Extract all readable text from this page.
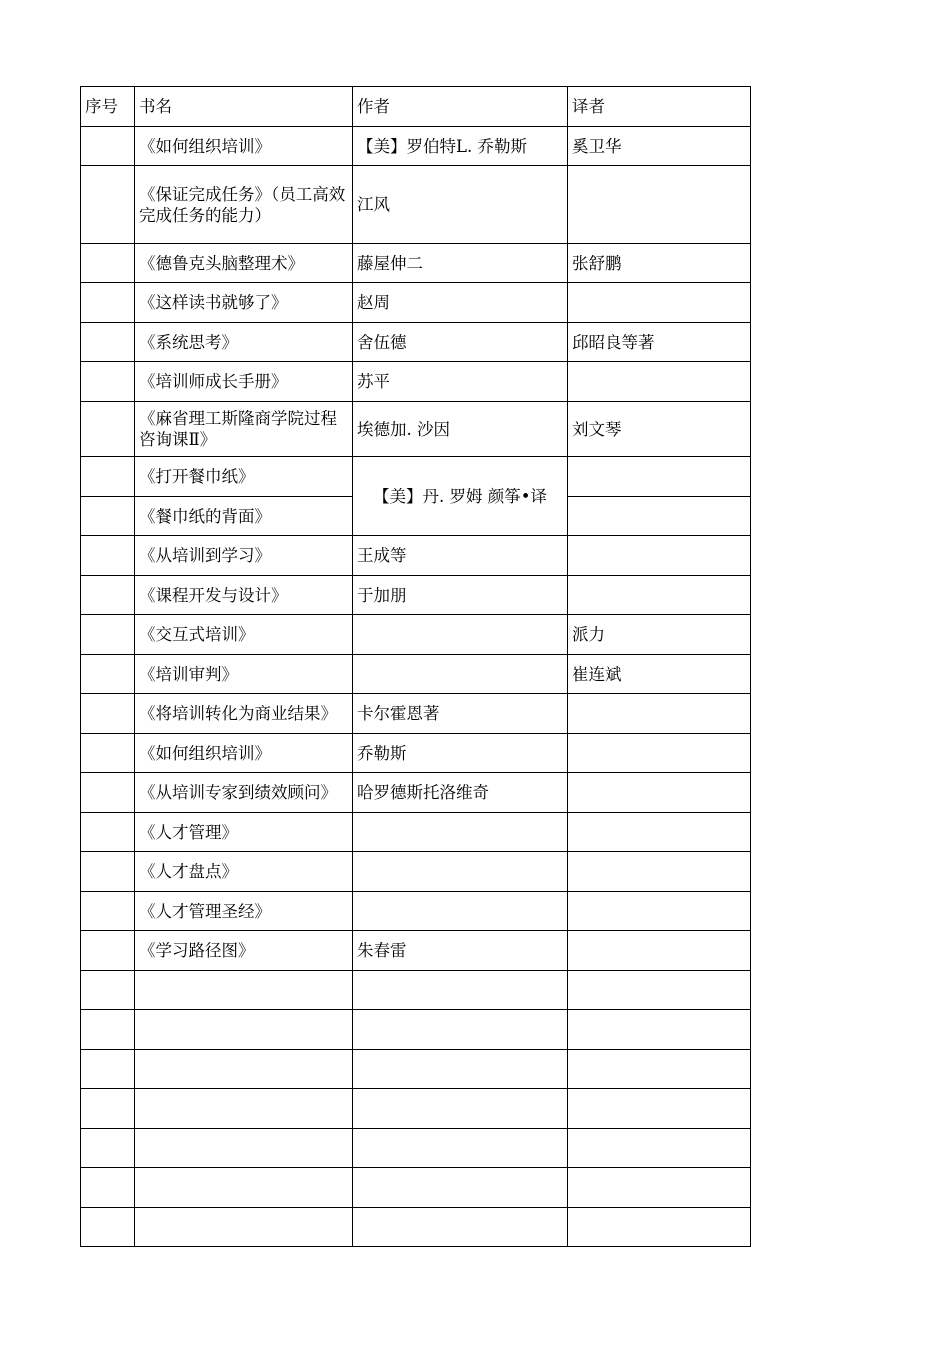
序号	书名	作者	译者
	《如何组织培训》	【美】罗伯特L. 乔勒斯	奚卫华
	《保证完成任务》（员工高效完成任务的能力）	江风	
	《德鲁克头脑整理术》	藤屋伸二	张舒鹏
	《这样读书就够了》	赵周	
	《系统思考》	舍伍德	邱昭良等著
	《培训师成长手册》	苏平	
	《麻省理工斯隆商学院过程咨询课Ⅱ》	埃德加. 沙因	刘文琴
	《打开餐巾纸》	【美】丹. 罗姆 颜筝•译	
	《餐巾纸的背面》		
	《从培训到学习》	王成等	
	《课程开发与设计》	于加朋	
	《交互式培训》		派力
	《培训审判》		崔连斌
	《将培训转化为商业结果》	卡尔霍恩著	
	《如何组织培训》	乔勒斯	
	《从培训专家到绩效顾问》	哈罗德斯托洛维奇	
	《人才管理》		
	《人才盘点》		
	《人才管理圣经》		
	《学习路径图》	朱春雷	
